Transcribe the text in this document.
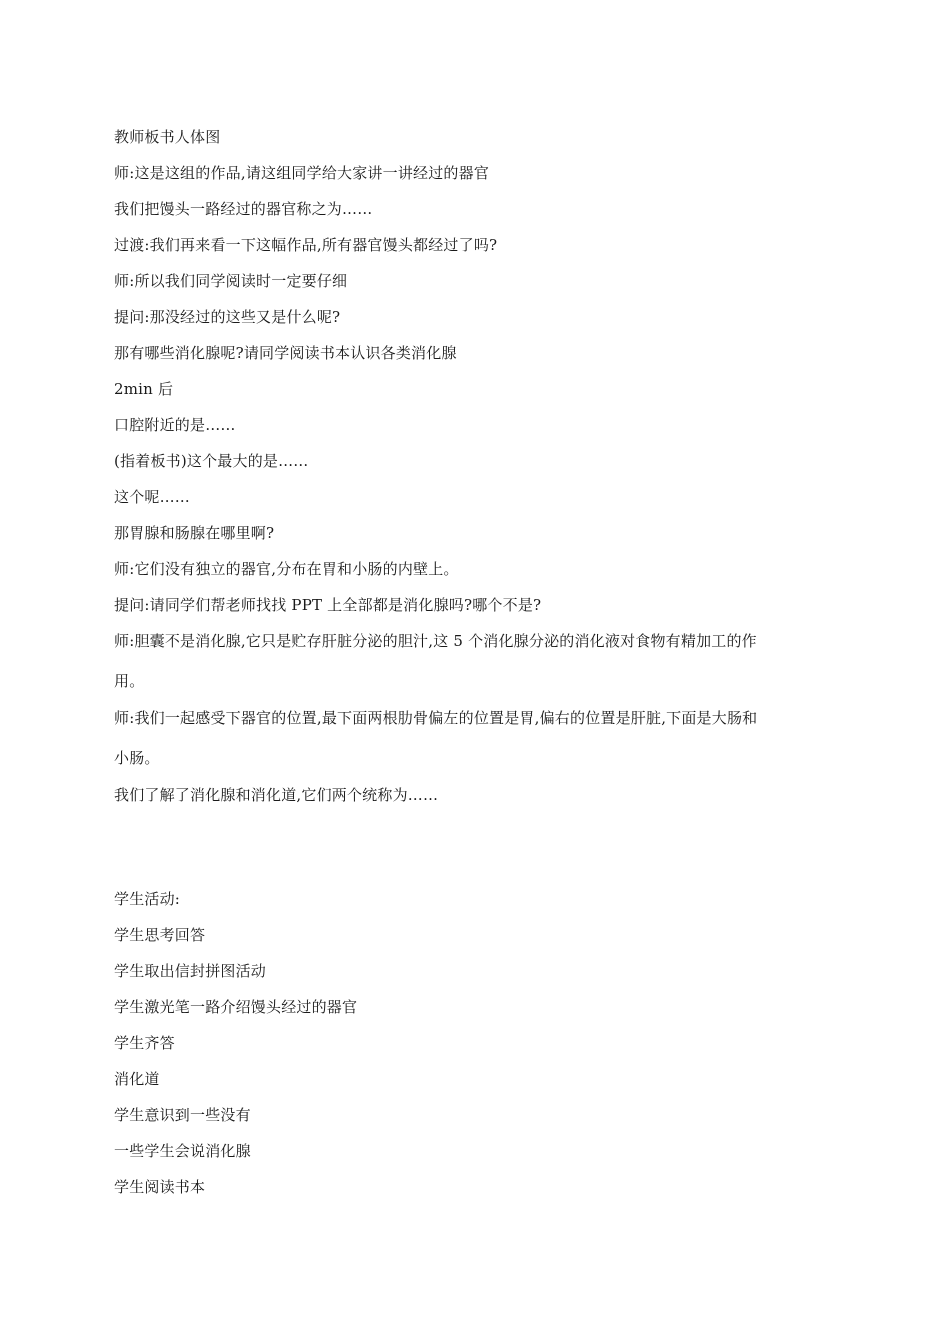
教师板书人体图
师:这是这组的作品,请这组同学给大家讲一讲经过的器官
我们把馒头一路经过的器官称之为……
过渡:我们再来看一下这幅作品,所有器官馒头都经过了吗?
师:所以我们同学阅读时一定要仔细
提问:那没经过的这些又是什么呢?
那有哪些消化腺呢?请同学阅读书本认识各类消化腺
2min 后
口腔附近的是……
(指着板书)这个最大的是……
这个呢……
那胃腺和肠腺在哪里啊?
师:它们没有独立的器官,分布在胃和小肠的内壁上。
提问:请同学们帮老师找找 PPT 上全部都是消化腺吗?哪个不是?
师:胆囊不是消化腺,它只是贮存肝脏分泌的胆汁,这 5 个消化腺分泌的消化液对食物有精加工的作
用。
师:我们一起感受下器官的位置,最下面两根肋骨偏左的位置是胃,偏右的位置是肝脏,下面是大肠和
小肠。
我们了解了消化腺和消化道,它们两个统称为……
学生活动:
学生思考回答
学生取出信封拼图活动
学生激光笔一路介绍馒头经过的器官
学生齐答
消化道
学生意识到一些没有
一些学生会说消化腺
学生阅读书本
